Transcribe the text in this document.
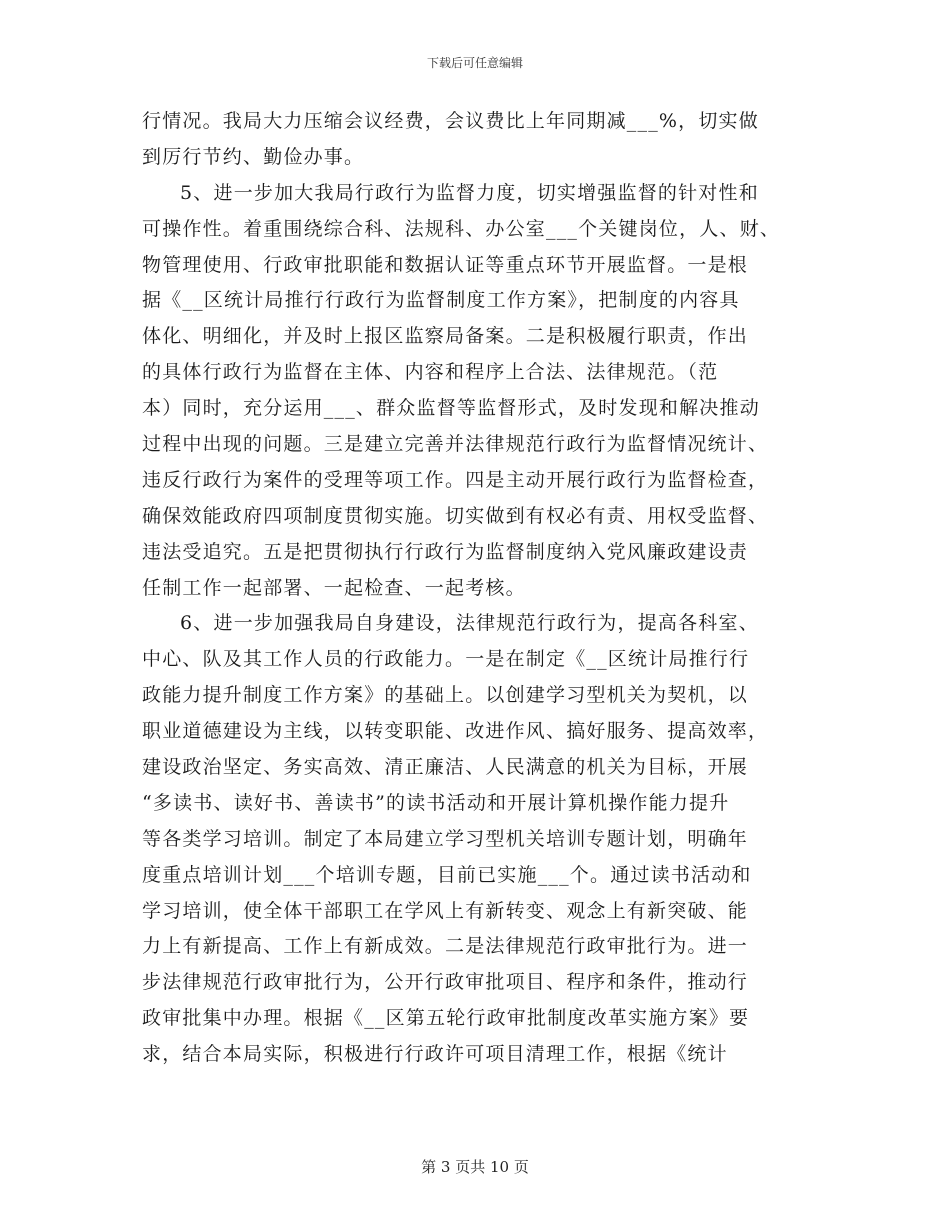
下载后可任意编辑
行情况。我局大力压缩会议经费，会议费比上年同期减___%，切实做
到厉行节约、勤俭办事。
5、进一步加大我局行政行为监督力度，切实增强监督的针对性和
可操作性。着重围绕综合科、法规科、办公室___个关键岗位，人、财、
物管理使用、行政审批职能和数据认证等重点环节开展监督。一是根
据《__区统计局推行行政行为监督制度工作方案》，把制度的内容具
体化、明细化，并及时上报区监察局备案。二是积极履行职责，作出
的具体行政行为监督在主体、内容和程序上合法、法律规范。（范
本）同时，充分运用___、群众监督等监督形式，及时发现和解决推动
过程中出现的问题。三是建立完善并法律规范行政行为监督情况统计、
违反行政行为案件的受理等项工作。四是主动开展行政行为监督检查，
确保效能政府四项制度贯彻实施。切实做到有权必有责、用权受监督、
违法受追究。五是把贯彻执行行政行为监督制度纳入党风廉政建设责
任制工作一起部署、一起检查、一起考核。
6、进一步加强我局自身建设，法律规范行政行为，提高各科室、
中心、队及其工作人员的行政能力。一是在制定《__区统计局推行行
政能力提升制度工作方案》的基础上。以创建学习型机关为契机，以
职业道德建设为主线，以转变职能、改进作风、搞好服务、提高效率，
建设政治坚定、务实高效、清正廉洁、人民满意的机关为目标，开展
“多读书、读好书、善读书”的读书活动和开展计算机操作能力提升
等各类学习培训。制定了本局建立学习型机关培训专题计划，明确年
度重点培训计划___个培训专题，目前已实施___个。通过读书活动和
学习培训，使全体干部职工在学风上有新转变、观念上有新突破、能
力上有新提高、工作上有新成效。二是法律规范行政审批行为。进一
步法律规范行政审批行为，公开行政审批项目、程序和条件，推动行
政审批集中办理。根据《__区第五轮行政审批制度改革实施方案》要
求，结合本局实际，积极进行行政许可项目清理工作，根据《统计
第 3 页共 10 页
